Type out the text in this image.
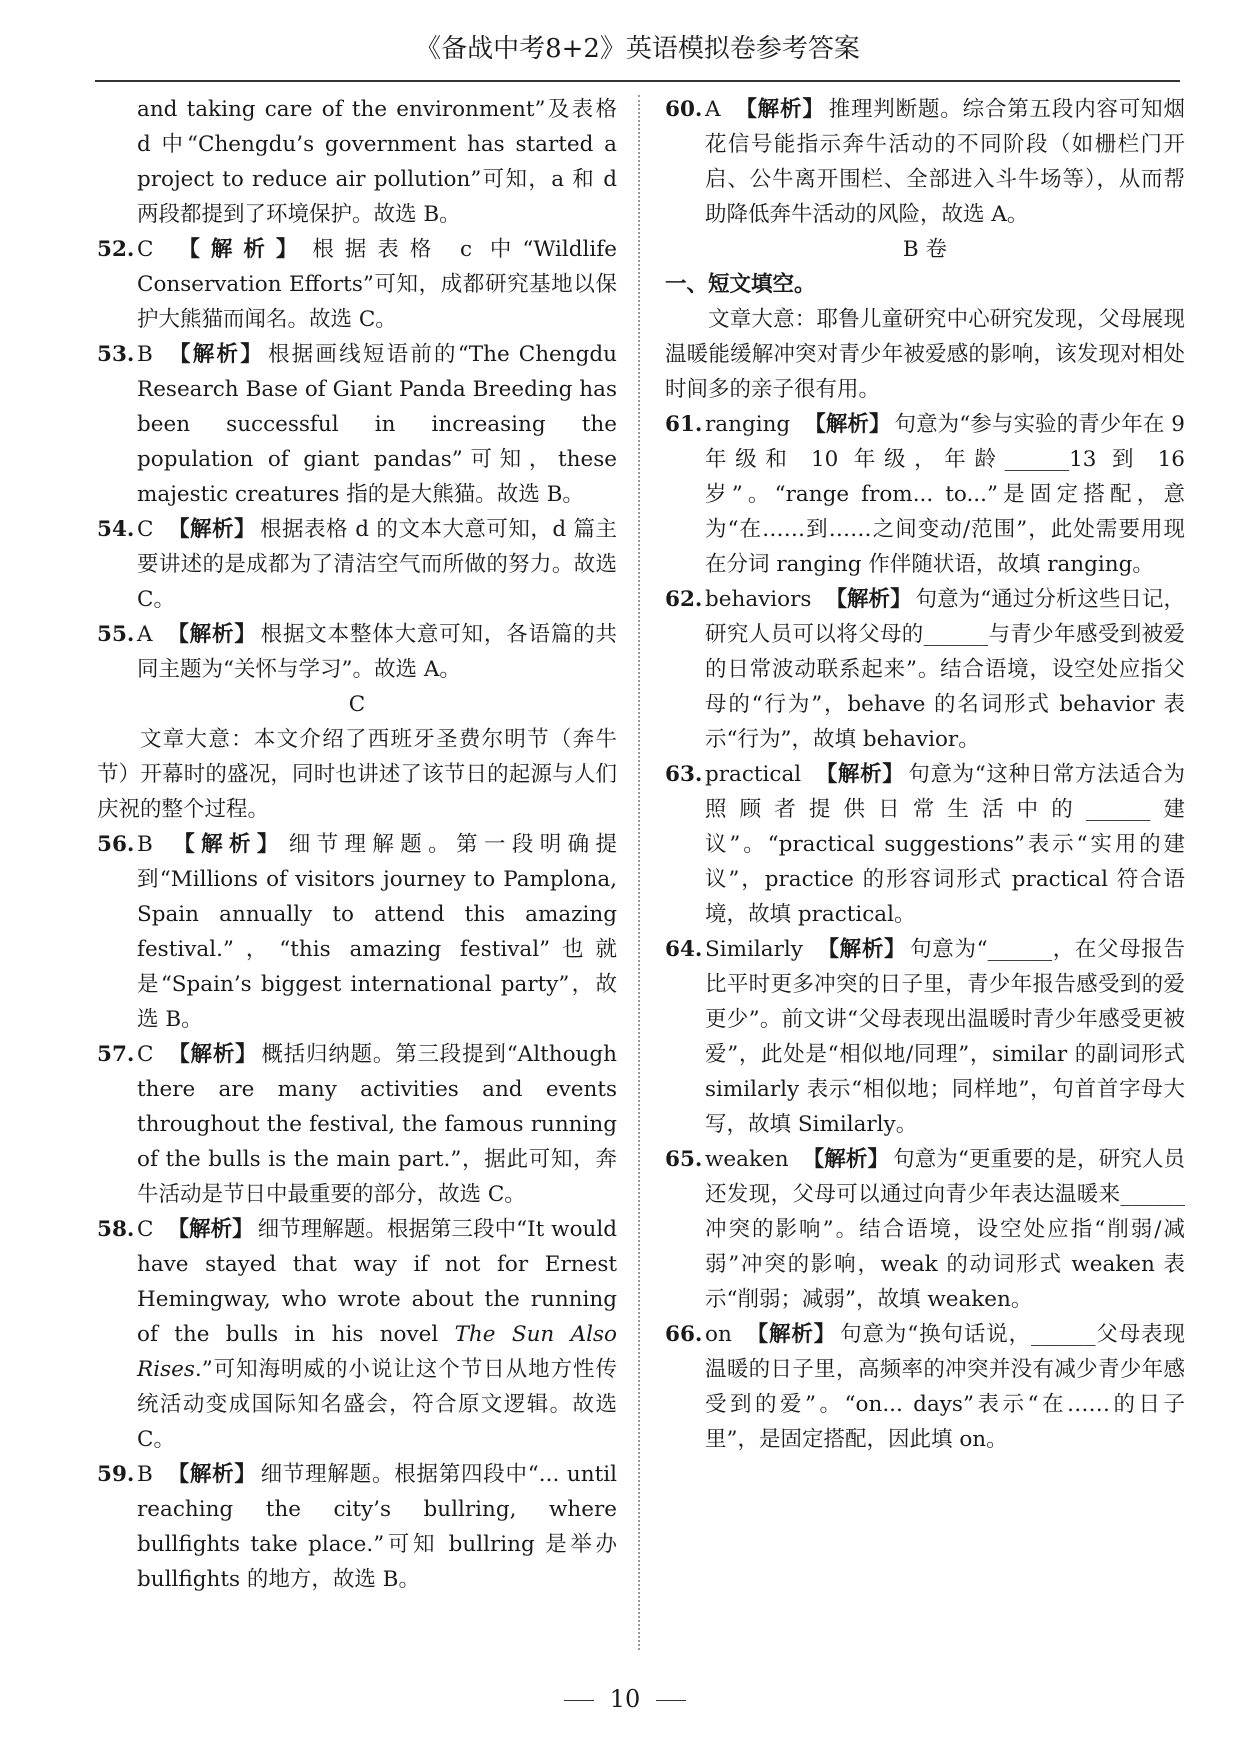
《备战中考8+2》英语模拟卷参考答案

and taking care of the environment”及表格 d 中“Chengdu’s government has started a project to reduce air pollution”可知，a 和 d 两段都提到了环境保护。故选 B。

52. C 【解析】 根据表格 c 中“Wildlife Conservation Efforts”可知，成都研究基地以保护大熊猫而闻名。故选 C。
53. B 【解析】 根据画线短语前的“The Chengdu Research Base of Giant Panda Breeding has been successful in increasing the population of giant pandas”可知，these majestic creatures 指的是大熊猫。故选 B。
54. C 【解析】 根据表格 d 的文本大意可知，d 篇主要讲述的是成都为了清洁空气而所做的努力。故选 C。
55. A 【解析】 根据文本整体大意可知，各语篇的共同主题为“关怀与学习”。故选 A。

C

文章大意：本文介绍了西班牙圣费尔明节（奔牛节）开幕时的盛况，同时也讲述了该节日的起源与人们庆祝的整个过程。

56. B 【解析】 细节理解题。第一段明确提到“Millions of visitors journey to Pamplona, Spain annually to attend this amazing festival.”，“this amazing festival”也就是“Spain’s biggest international party”，故选 B。
57. C 【解析】 概括归纳题。第三段提到“Although there are many activities and events throughout the festival, the famous running of the bulls is the main part.”，据此可知，奔牛活动是节日中最重要的部分，故选 C。
58. C 【解析】 细节理解题。根据第三段中“It would have stayed that way if not for Ernest Hemingway, who wrote about the running of the bulls in his novel The Sun Also Rises.”可知海明威的小说让这个节日从地方性传统活动变成国际知名盛会，符合原文逻辑。故选 C。
59. B 【解析】 细节理解题。根据第四段中“... until reaching the city’s bullring, where bullfights take place.”可知 bullring 是举办 bullfights 的地方，故选 B。
60. A 【解析】 推理判断题。综合第五段内容可知烟花信号能指示奔牛活动的不同阶段（如栅栏门开启、公牛离开围栏、全部进入斗牛场等），从而帮助降低奔牛活动的风险，故选 A。

B 卷

一、短文填空。

文章大意：耶鲁儿童研究中心研究发现，父母展现温暖能缓解冲突对青少年被爱感的影响，该发现对相处时间多的亲子很有用。

61. ranging 【解析】 句意为“参与实验的青少年在 9 年级和 10 年级，年龄______13 到 16 岁”。“range from... to...”是固定搭配，意为“在……到……之间变动/范围”，此处需要用现在分词 ranging 作伴随状语，故填 ranging。
62. behaviors 【解析】 句意为“通过分析这些日记，研究人员可以将父母的______与青少年感受到被爱的日常波动联系起来”。结合语境，设空处应指父母的“行为”，behave 的名词形式 behavior 表示“行为”，故填 behavior。
63. practical 【解析】 句意为“这种日常方法适合为照顾者提供日常生活中的______建议”。“practical suggestions”表示“实用的建议”，practice 的形容词形式 practical 符合语境，故填 practical。
64. Similarly 【解析】 句意为“______，在父母报告比平时更多冲突的日子里，青少年报告感受到的爱更少”。前文讲“父母表现出温暖时青少年感受更被爱”，此处是“相似地/同理”，similar 的副词形式 similarly 表示“相似地；同样地”，句首首字母大写，故填 Similarly。
65. weaken 【解析】 句意为“更重要的是，研究人员还发现，父母可以通过向青少年表达温暖来______冲突的影响”。结合语境，设空处应指“削弱/减弱”冲突的影响，weak 的动词形式 weaken 表示“削弱；减弱”，故填 weaken。
66. on 【解析】 句意为“换句话说，______父母表现温暖的日子里，高频率的冲突并没有减少青少年感受到的爱”。“on... days”表示“在……的日子里”，是固定搭配，因此填 on。
10
